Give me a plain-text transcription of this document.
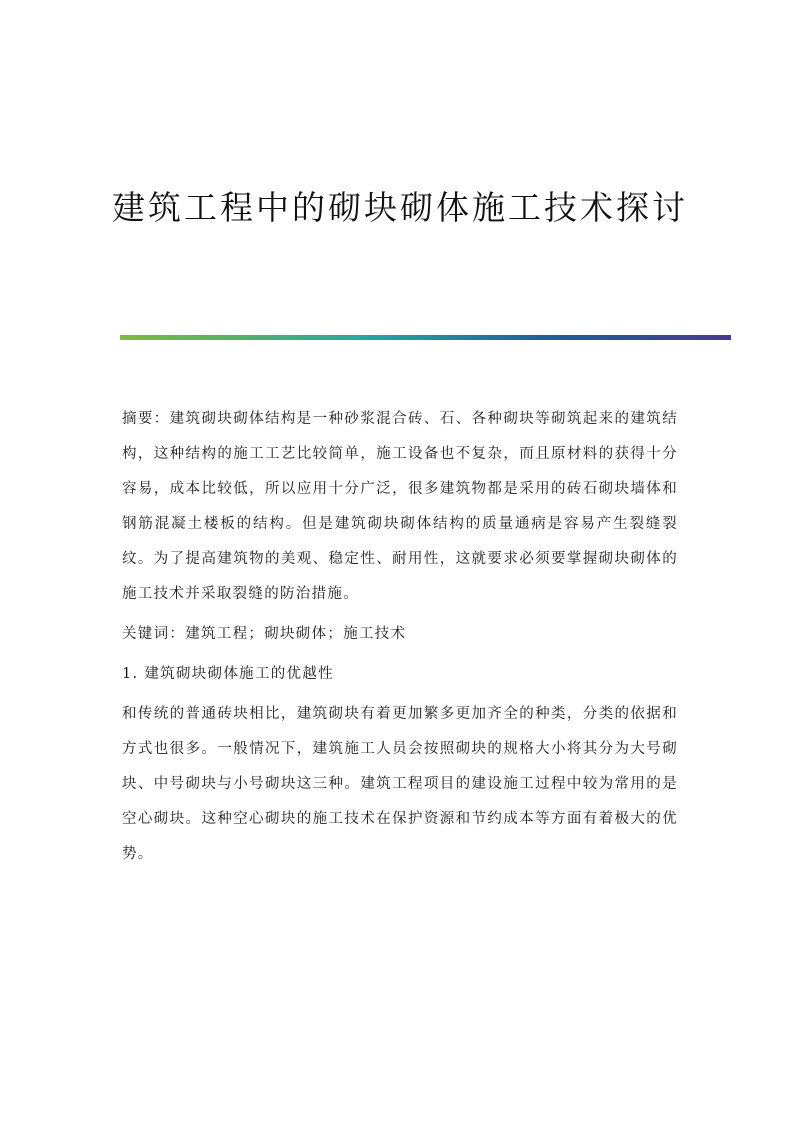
建筑工程中的砌块砌体施工技术探讨

摘要：建筑砌块砌体结构是一种砂浆混合砖、石、各种砌块等砌筑起来的建筑结构，这种结构的施工工艺比较简单，施工设备也不复杂，而且原材料的获得十分容易，成本比较低，所以应用十分广泛，很多建筑物都是采用的砖石砌块墙体和钢筋混凝土楼板的结构。但是建筑砌块砌体结构的质量通病是容易产生裂缝裂纹。为了提高建筑物的美观、稳定性、耐用性，这就要求必须要掌握砌块砌体的施工技术并采取裂缝的防治措施。

关键词：建筑工程；砌块砌体；施工技术

1. 建筑砌块砌体施工的优越性

和传统的普通砖块相比，建筑砌块有着更加繁多更加齐全的种类，分类的依据和方式也很多。一般情况下，建筑施工人员会按照砌块的规格大小将其分为大号砌块、中号砌块与小号砌块这三种。建筑工程项目的建设施工过程中较为常用的是空心砌块。这种空心砌块的施工技术在保护资源和节约成本等方面有着极大的优势。
